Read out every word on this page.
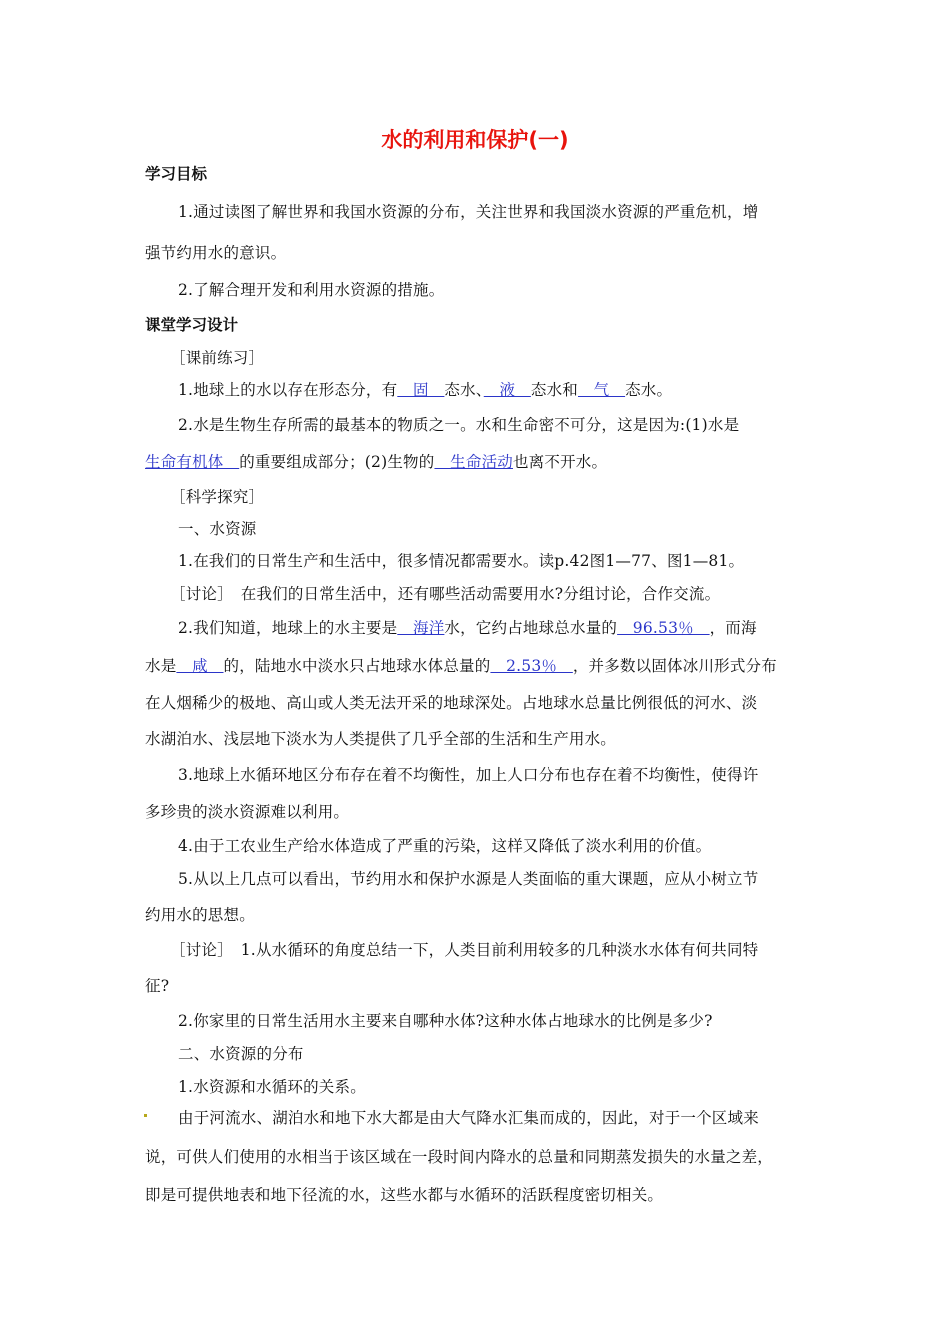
水的利用和保护(一)
学习目标
1.通过读图了解世界和我国水资源的分布，关注世界和我国淡水资源的严重危机，增
强节约用水的意识。
2.了解合理开发和利用水资源的措施。
课堂学习设计
［课前练习］
1.地球上的水以存在形态分，有　固　态水、　液　态水和　气　态水。
2.水是生物生存所需的最基本的物质之一。水和生命密不可分，这是因为:(1)水是
生命有机体　的重要组成部分；(2)生物的　生命活动也离不开水。
［科学探究］
一、水资源
1.在我们的日常生产和生活中，很多情况都需要水。读p.42图1—77、图1—81。
［讨论］　在我们的日常生活中，还有哪些活动需要用水?分组讨论，合作交流。
2.我们知道，地球上的水主要是　海洋水，它约占地球总水量的　96.53％　，而海
水是　咸　的，陆地水中淡水只占地球水体总量的　2.53％　，并多数以固体冰川形式分布
在人烟稀少的极地、高山或人类无法开采的地球深处。占地球水总量比例很低的河水、淡
水湖泊水、浅层地下淡水为人类提供了几乎全部的生活和生产用水。
3.地球上水循环地区分布存在着不均衡性，加上人口分布也存在着不均衡性，使得许
多珍贵的淡水资源难以利用。
4.由于工农业生产给水体造成了严重的污染，这样又降低了淡水利用的价值。
5.从以上几点可以看出，节约用水和保护水源是人类面临的重大课题，应从小树立节
约用水的思想。
［讨论］　1.从水循环的角度总结一下，人类目前利用较多的几种淡水水体有何共同特
征?
2.你家里的日常生活用水主要来自哪种水体?这种水体占地球水的比例是多少?
二、水资源的分布
1.水资源和水循环的关系。
由于河流水、湖泊水和地下水大都是由大气降水汇集而成的，因此，对于一个区域来
说，可供人们使用的水相当于该区域在一段时间内降水的总量和同期蒸发损失的水量之差，
即是可提供地表和地下径流的水，这些水都与水循环的活跃程度密切相关。
